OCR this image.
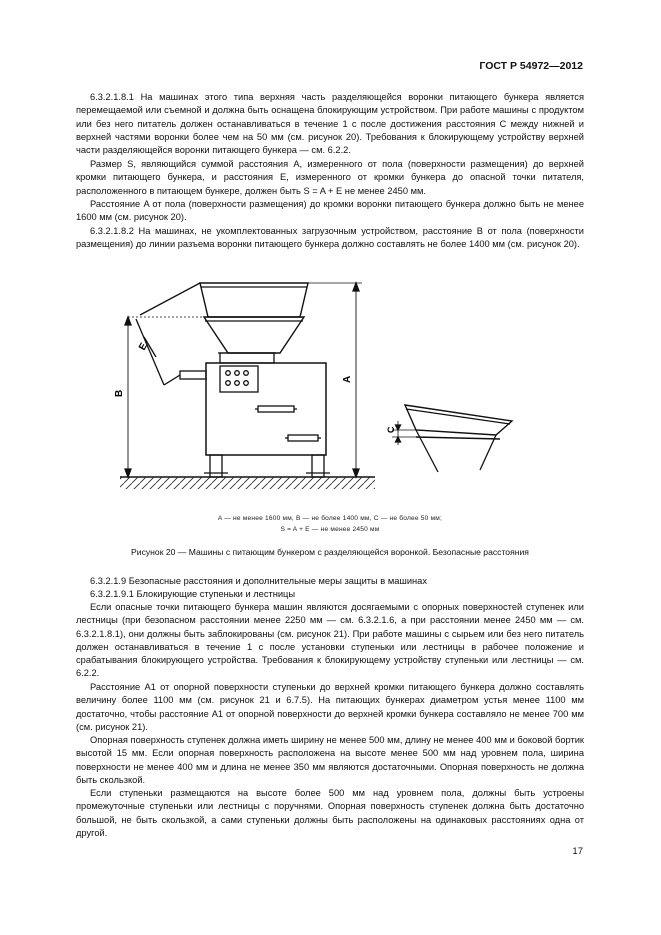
ГОСТ Р 54972—2012

6.3.2.1.8.1 На машинах этого типа верхняя часть разделяющейся воронки питающего бункера является перемещаемой или съемной и должна быть оснащена блокирующим устройством. При работе машины с продуктом или без него питатель должен останавливаться в течение 1 с после достижения расстояния C между нижней и верхней частями воронки более чем на 50 мм (см. рисунок 20). Требования к блокирующему устройству верхней части разделяющейся воронки питающего бункера — см. 6.2.2.

Размер S, являющийся суммой расстояния A, измеренного от пола (поверхности размещения) до верхней кромки питающего бункера, и расстояния E, измеренного от кромки бункера до опасной точки питателя, расположенного в питающем бункере, должен быть S = A + E не менее 2450 мм.

Расстояние A от пола (поверхности размещения) до кромки воронки питающего бункера должно быть не менее 1600 мм (см. рисунок 20).

6.3.2.1.8.2 На машинах, не укомплектованных загрузочным устройством, расстояние B от пола (поверхности размещения) до линии разъема воронки питающего бункера должно составлять не более 1400 мм (см. рисунок 20).

E
B
A
C
A — не менее 1600 мм, B — не более 1400 мм, C — не более 50 мм;
S = A + E — не менее 2450 мм
Рисунок 20 — Машины с питающим бункером с разделяющейся воронкой. Безопасные расстояния

6.3.2.1.9 Безопасные расстояния и дополнительные меры защиты в машинах

6.3.2.1.9.1 Блокирующие ступеньки и лестницы

Если опасные точки питающего бункера машин являются досягаемыми с опорных поверхностей ступенек или лестницы (при безопасном расстоянии менее 2250 мм — см. 6.3.2.1.6, а при расстоянии менее 2450 мм — см. 6.3.2.1.8.1), они должны быть заблокированы (см. рисунок 21). При работе машины с сырьем или без него питатель должен останавливаться в течение 1 с после установки ступеньки или лестницы в рабочее положение и срабатывания блокирующего устройства. Требования к блокирующему устройству ступеньки или лестницы — см. 6.2.2.

Расстояние A1 от опорной поверхности ступеньки до верхней кромки питающего бункера должно составлять величину более 1100 мм (см. рисунок 21 и 6.7.5). На питающих бункерах диаметром устья менее 1100 мм достаточно, чтобы расстояние A1 от опорной поверхности до верхней кромки бункера составляло не менее 700 мм (см. рисунок 21).

Опорная поверхность ступенек должна иметь ширину не менее 500 мм, длину не менее 400 мм и боковой бортик высотой 15 мм. Если опорная поверхность расположена на высоте менее 500 мм над уровнем пола, ширина поверхности не менее 400 мм и длина не менее 350 мм являются достаточными. Опорная поверхность не должна быть скользкой.

Если ступеньки размещаются на высоте более 500 мм над уровнем пола, должны быть устроены промежуточные ступеньки или лестницы с поручнями. Опорная поверхность ступенек должна быть достаточно большой, не быть скользкой, а сами ступеньки должны быть расположены на одинаковых расстояниях одна от другой.

17
